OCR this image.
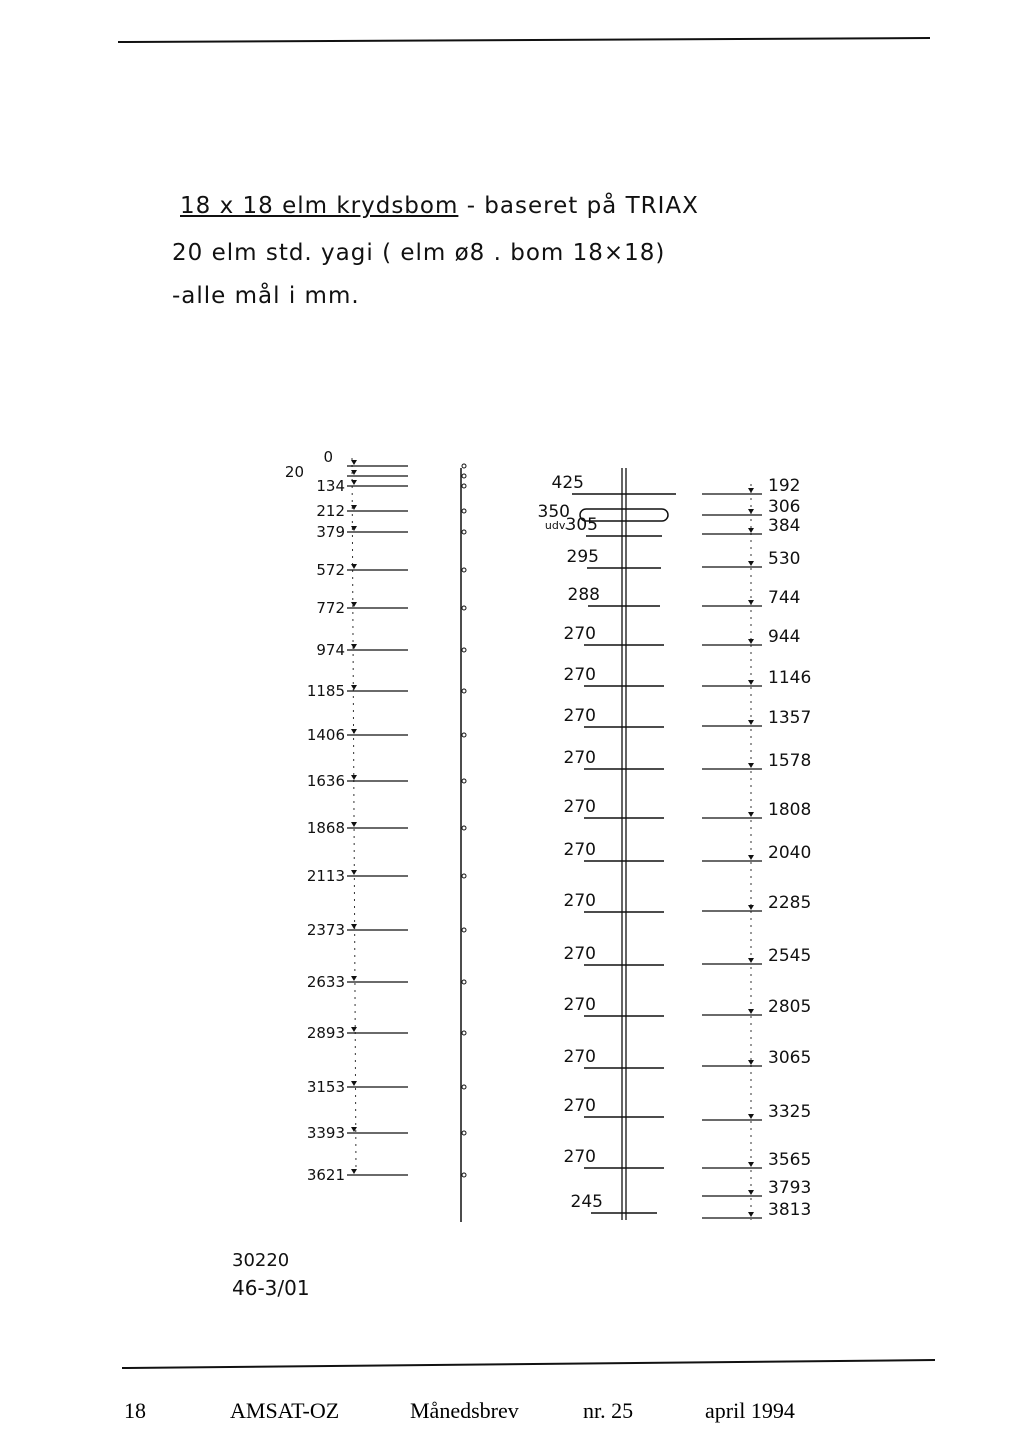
18 x 18 elm krydsbom - baseret på TRIAX
20 elm std. yagi ( elm ø8 . bom 18×18)
-alle mål i mm.
0
20
134
212
379
572
772
974
1185
1406
1636
1868
2113
2373
2633
2893
3153
3393
3621
425
350
udv.
305
295
288
270
270
270
270
270
270
270
270
270
270
270
270
245
192
306
384
530
744
944
1146
1357
1578
1808
2040
2285
2545
2805
3065
3325
3565
3793
3813
30220
46-3/01
18	AMSAT-OZ	Månedsbrev	nr. 25	april 1994
